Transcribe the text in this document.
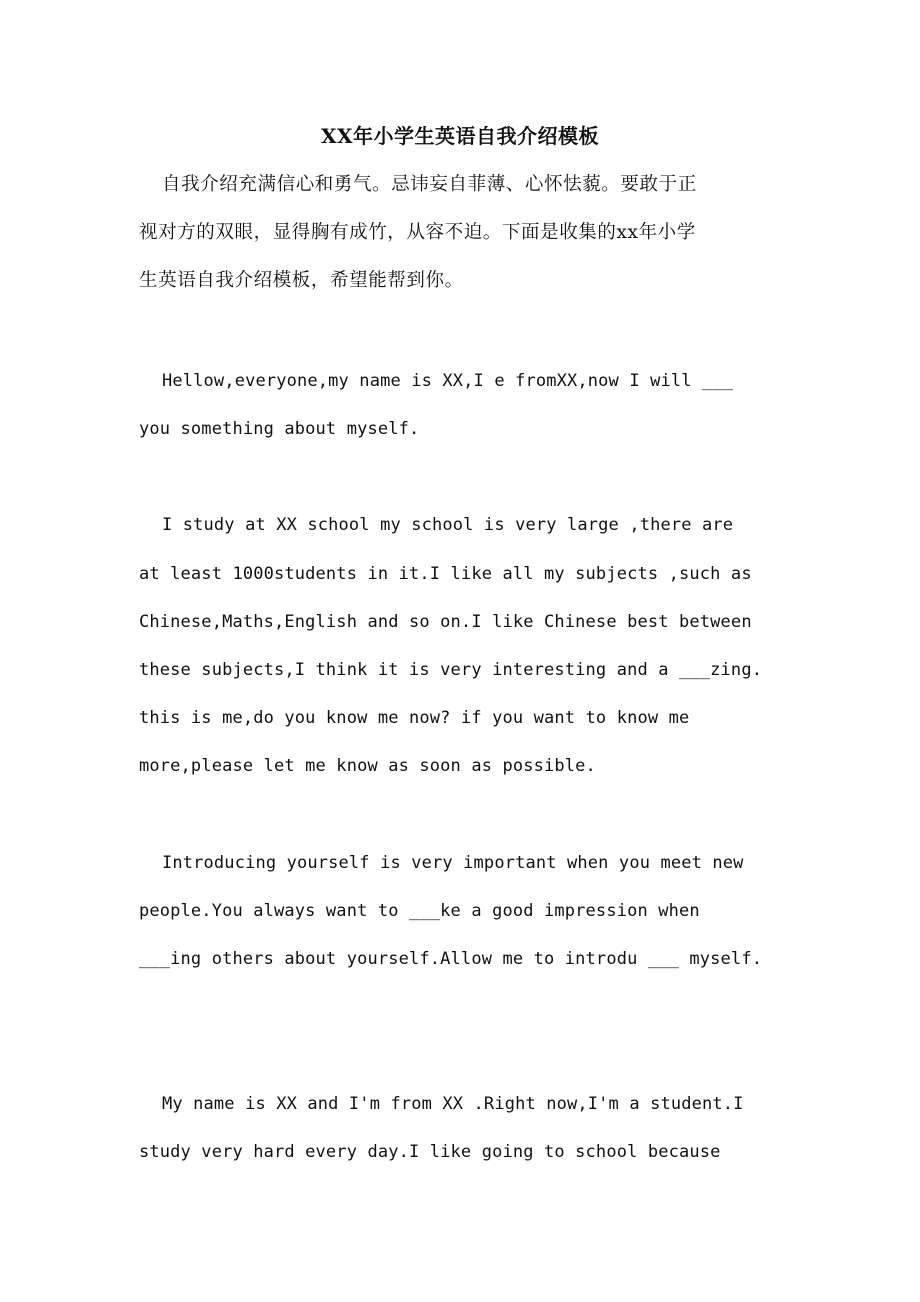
XX年小学生英语自我介绍模板
自我介绍充满信心和勇气。忌讳妄自菲薄、心怀怯藐。要敢于正
视对方的双眼，显得胸有成竹，从容不迫。下面是收集的xx年小学
生英语自我介绍模板，希望能帮到你。
Hellow,everyone,my name is XX,I e fromXX,now I will ___
you something about myself.
I study at XX school my school is very large ,there are
at least 1000students in it.I like all my subjects ,such as
Chinese,Maths,English and so on.I like Chinese best between
these subjects,I think it is very interesting and a ___zing.
this is me,do you know me now? if you want to know me
more,please let me know as soon as possible.
Introducing yourself is very important when you meet new
people.You always want to ___ke a good impression when
___ing others about yourself.Allow me to introdu ___ myself.
My name is XX and I'm from XX .Right now,I'm a student.I
study very hard every day.I like going to school because
